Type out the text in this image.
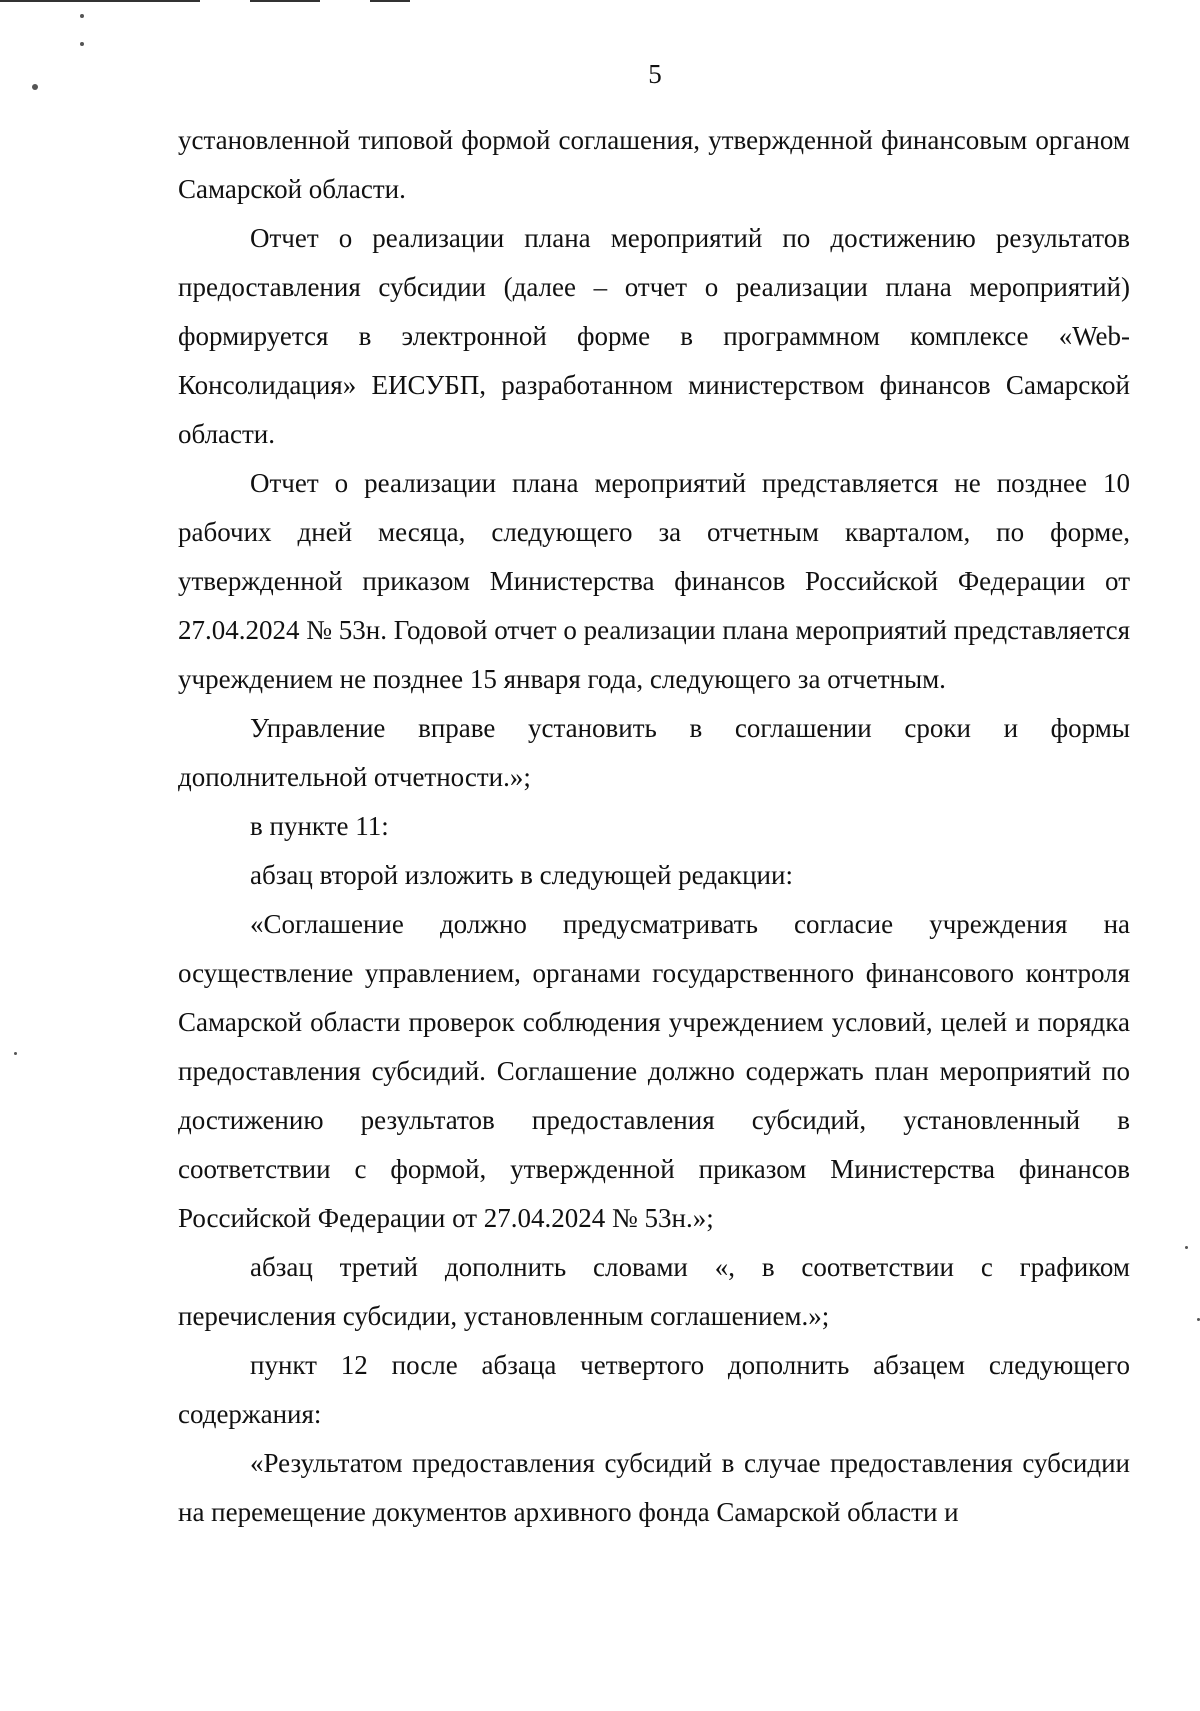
5

установленной типовой формой соглашения, утвержденной финансовым органом Самарской области.

Отчет о реализации плана мероприятий по достижению результатов предоставления субсидии (далее – отчет о реализации плана мероприятий) формируется в электронной форме в программном комплексе «Web-Консолидация» ЕИСУБП, разработанном министерством финансов Самарской области.

Отчет о реализации плана мероприятий представляется не позднее 10 рабочих дней месяца, следующего за отчетным кварталом, по форме, утвержденной приказом Министерства финансов Российской Федерации от 27.04.2024 № 53н. Годовой отчет о реализации плана мероприятий представляется учреждением не позднее 15 января года, следующего за отчетным.

Управление вправе установить в соглашении сроки и формы дополнительной отчетности.»;

в пункте 11:

абзац второй изложить в следующей редакции:

«Соглашение должно предусматривать согласие учреждения на осуществление управлением, органами государственного финансового контроля Самарской области проверок соблюдения учреждением условий, целей и порядка предоставления субсидий. Соглашение должно содержать план мероприятий по достижению результатов предоставления субсидий, установленный в соответствии с формой, утвержденной приказом Министерства финансов Российской Федерации от 27.04.2024 № 53н.»;

абзац третий дополнить словами «, в соответствии с графиком перечисления субсидии, установленным соглашением.»;

пункт 12 после абзаца четвертого дополнить абзацем следующего содержания:

«Результатом предоставления субсидий в случае предоставления субсидии на перемещение документов архивного фонда Самарской области и
